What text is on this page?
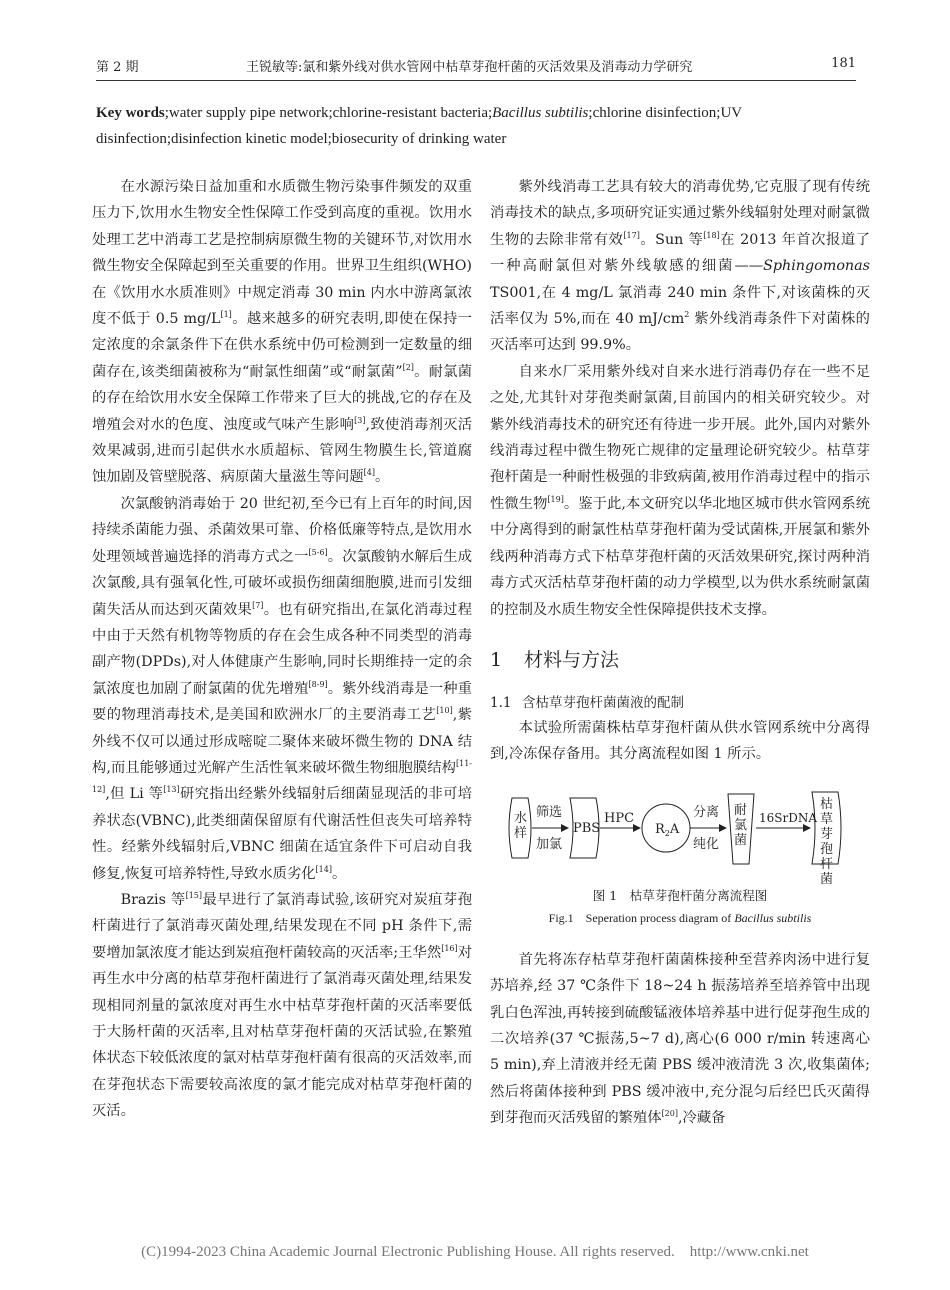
第 2 期	王锐敏等:氯和紫外线对供水管网中枯草芽孢杆菌的灭活效果及消毒动力学研究	181
Key words;water supply pipe network;chlorine-resistant bacteria;Bacillus subtilis;chlorine disinfection;UV disinfection;disinfection kinetic model;biosecurity of drinking water

在水源污染日益加重和水质微生物污染事件频发的双重压力下,饮用水生物安全性保障工作受到高度的重视。饮用水处理工艺中消毒工艺是控制病原微生物的关键环节,对饮用水微生物安全保障起到至关重要的作用。世界卫生组织(WHO)在《饮用水水质准则》中规定消毒 30 min 内水中游离氯浓度不低于 0.5 mg/L[1]。越来越多的研究表明,即使在保持一定浓度的余氯条件下在供水系统中仍可检测到一定数量的细菌存在,该类细菌被称为“耐氯性细菌”或“耐氯菌”[2]。耐氯菌的存在给饮用水安全保障工作带来了巨大的挑战,它的存在及增殖会对水的色度、浊度或气味产生影响[3],致使消毒剂灭活效果减弱,进而引起供水水质超标、管网生物膜生长,管道腐蚀加剧及管壁脱落、病原菌大量滋生等问题[4]。

次氯酸钠消毒始于 20 世纪初,至今已有上百年的时间,因持续杀菌能力强、杀菌效果可靠、价格低廉等特点,是饮用水处理领域普遍选择的消毒方式之一[5-6]。次氯酸钠水解后生成次氯酸,具有强氧化性,可破坏或损伤细菌细胞膜,进而引发细菌失活从而达到灭菌效果[7]。也有研究指出,在氯化消毒过程中由于天然有机物等物质的存在会生成各种不同类型的消毒副产物(DPDs),对人体健康产生影响,同时长期维持一定的余氯浓度也加剧了耐氯菌的优先增殖[8-9]。紫外线消毒是一种重要的物理消毒技术,是美国和欧洲水厂的主要消毒工艺[10],紫外线不仅可以通过形成嘧啶二聚体来破坏微生物的 DNA 结构,而且能够通过光解产生活性氧来破坏微生物细胞膜结构[11-12],但 Li 等[13]研究指出经紫外线辐射后细菌显现活的非可培养状态(VBNC),此类细菌保留原有代谢活性但丧失可培养特性。经紫外线辐射后,VBNC 细菌在适宜条件下可启动自我修复,恢复可培养特性,导致水质劣化[14]。

Brazis 等[15]最早进行了氯消毒试验,该研究对炭疽芽孢杆菌进行了氯消毒灭菌处理,结果发现在不同 pH 条件下,需要增加氯浓度才能达到炭疽孢杆菌较高的灭活率;王华然[16]对再生水中分离的枯草芽孢杆菌进行了氯消毒灭菌处理,结果发现相同剂量的氯浓度对再生水中枯草芽孢杆菌的灭活率要低于大肠杆菌的灭活率,且对枯草芽孢杆菌的灭活试验,在繁殖体状态下较低浓度的氯对枯草芽孢杆菌有很高的灭活效率,而在芽孢状态下需要较高浓度的氯才能完成对枯草芽孢杆菌的灭活。

紫外线消毒工艺具有较大的消毒优势,它克服了现有传统消毒技术的缺点,多项研究证实通过紫外线辐射处理对耐氯微生物的去除非常有效[17]。Sun 等[18]在 2013 年首次报道了一种高耐氯但对紫外线敏感的细菌——Sphingomonas TS001,在 4 mg/L 氯消毒 240 min 条件下,对该菌株的灭活率仅为 5%,而在 40 $mJ/cm^2$ 紫外线消毒条件下对菌株的灭活率可达到 99.9%。

自来水厂采用紫外线对自来水进行消毒仍存在一些不足之处,尤其针对芽孢类耐氯菌,目前国内的相关研究较少。对紫外线消毒技术的研究还有待进一步开展。此外,国内对紫外线消毒过程中微生物死亡规律的定量理论研究较少。枯草芽孢杆菌是一种耐性极强的非致病菌,被用作消毒过程中的指示性微生物[19]。鉴于此,本文研究以华北地区城市供水管网系统中分离得到的耐氯性枯草芽孢杆菌为受试菌株,开展氯和紫外线两种消毒方式下枯草芽孢杆菌的灭活效果研究,探讨两种消毒方式灭活枯草芽孢杆菌的动力学模型,以为供水系统耐氯菌的控制及水质生物安全性保障提供技术支撑。

1 材料与方法
1.1 含枯草芽孢杆菌菌液的配制

本试验所需菌株枯草芽孢杆菌从供水管网系统中分离得到,冷冻保存备用。其分离流程如图 1 所示。

水样
筛选
加氯
PBS
HPC
$R_2A$
分离
纯化
耐氯菌
16SrDNA
枯草芽孢杆菌
图 1　枯草芽孢杆菌分离流程图
Fig.1　Seperation process diagram of Bacillus subtilis

首先将冻存枯草芽孢杆菌菌株接种至营养肉汤中进行复苏培养,经 37 ℃条件下 18~24 h 振荡培养至培养管中出现乳白色浑浊,再转接到硫酸锰液体培养基中进行促芽孢生成的二次培养(37 ℃振荡,5~7 d),离心(6 000 r/min 转速离心 5 min),弃上清液并经无菌 PBS 缓冲液清洗 3 次,收集菌体;然后将菌体接种到 PBS 缓冲液中,充分混匀后经巴氏灭菌得到芽孢而灭活残留的繁殖体[20],冷藏备

(C)1994-2023 China Academic Journal Electronic Publishing House. All rights reserved.　http://www.cnki.net
